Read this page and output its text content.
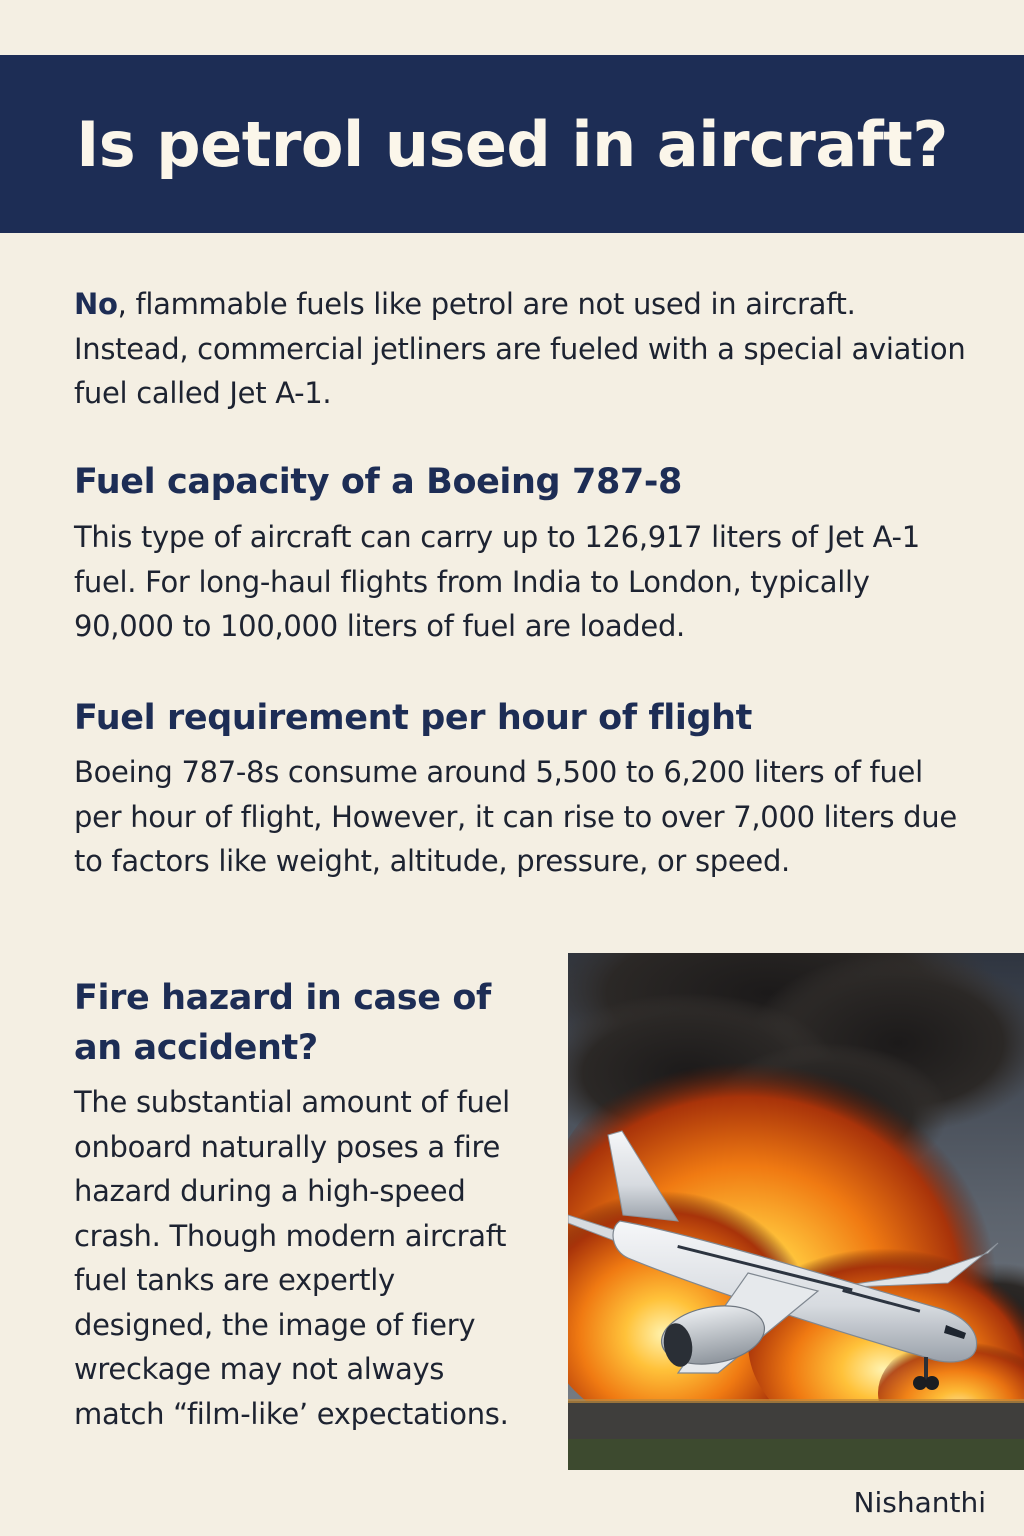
Is petrol used in aircraft?

No, flammable fuels like petrol are not used in aircraft. Instead, commercial jetliners are fueled with a special aviation fuel called Jet A-1.

Fuel capacity of a Boeing 787-8

This type of aircraft can carry up to 126,917 liters of Jet A-1 fuel. For long-haul flights from India to London, typically 90,000 to 100,000 liters of fuel are loaded.

Fuel requirement per hour of flight

Boeing 787-8s consume around 5,500 to 6,200 liters of fuel per hour of flight, However, it can rise to over 7,000 liters due to factors like weight, altitude, pressure, or speed.

Fire hazard in case of an accident?

The substantial amount of fuel onboard naturally poses a fire hazard during a high-speed crash. Though modern aircraft fuel tanks are expertly designed, the image of fiery wreckage may not always match “film-like’ expectations.

Nishanthi
